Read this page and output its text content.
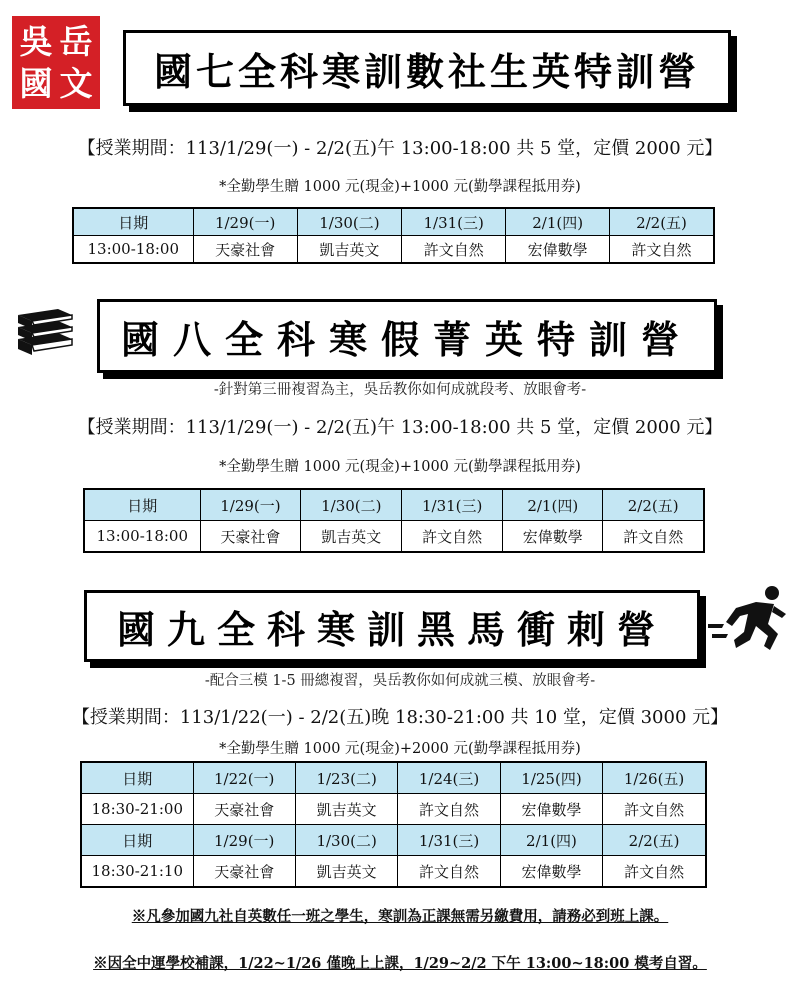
吳 岳
國 文	國七全科寒訓數社生英特訓營
【授業期間：113/1/29(一) - 2/2(五)午 13:00-18:00 共 5 堂，定價 2000 元】
*全勤學生贈 1000 元(現金)+1000 元(勤學課程抵用券)
日期	1/29(一)	1/30(二)	1/31(三)	2/1(四)	2/2(五)
13:00-18:00	天豪社會	凱吉英文	許文自然	宏偉數學	許文自然
國八全科寒假菁英特訓營
-針對第三冊複習為主，吳岳教你如何成就段考、放眼會考-
【授業期間：113/1/29(一) - 2/2(五)午 13:00-18:00 共 5 堂，定價 2000 元】
*全勤學生贈 1000 元(現金)+1000 元(勤學課程抵用券)
日期	1/29(一)	1/30(二)	1/31(三)	2/1(四)	2/2(五)
13:00-18:00	天豪社會	凱吉英文	許文自然	宏偉數學	許文自然
國九全科寒訓黑馬衝刺營
-配合三模 1-5 冊總複習，吳岳教你如何成就三模、放眼會考-
【授業期間：113/1/22(一) - 2/2(五)晚 18:30-21:00 共 10 堂，定價 3000 元】
*全勤學生贈 1000 元(現金)+2000 元(勤學課程抵用券)
日期	1/22(一)	1/23(二)	1/24(三)	1/25(四)	1/26(五)
18:30-21:00	天豪社會	凱吉英文	許文自然	宏偉數學	許文自然
日期	1/29(一)	1/30(二)	1/31(三)	2/1(四)	2/2(五)
18:30-21:10	天豪社會	凱吉英文	許文自然	宏偉數學	許文自然
※凡參加國九社自英數任一班之學生，寒訓為正課無需另繳費用，請務必到班上課。
※因全中運學校補課，1/22~1/26 僅晚上上課，1/29~2/2 下午 13:00~18:00 模考自習。
